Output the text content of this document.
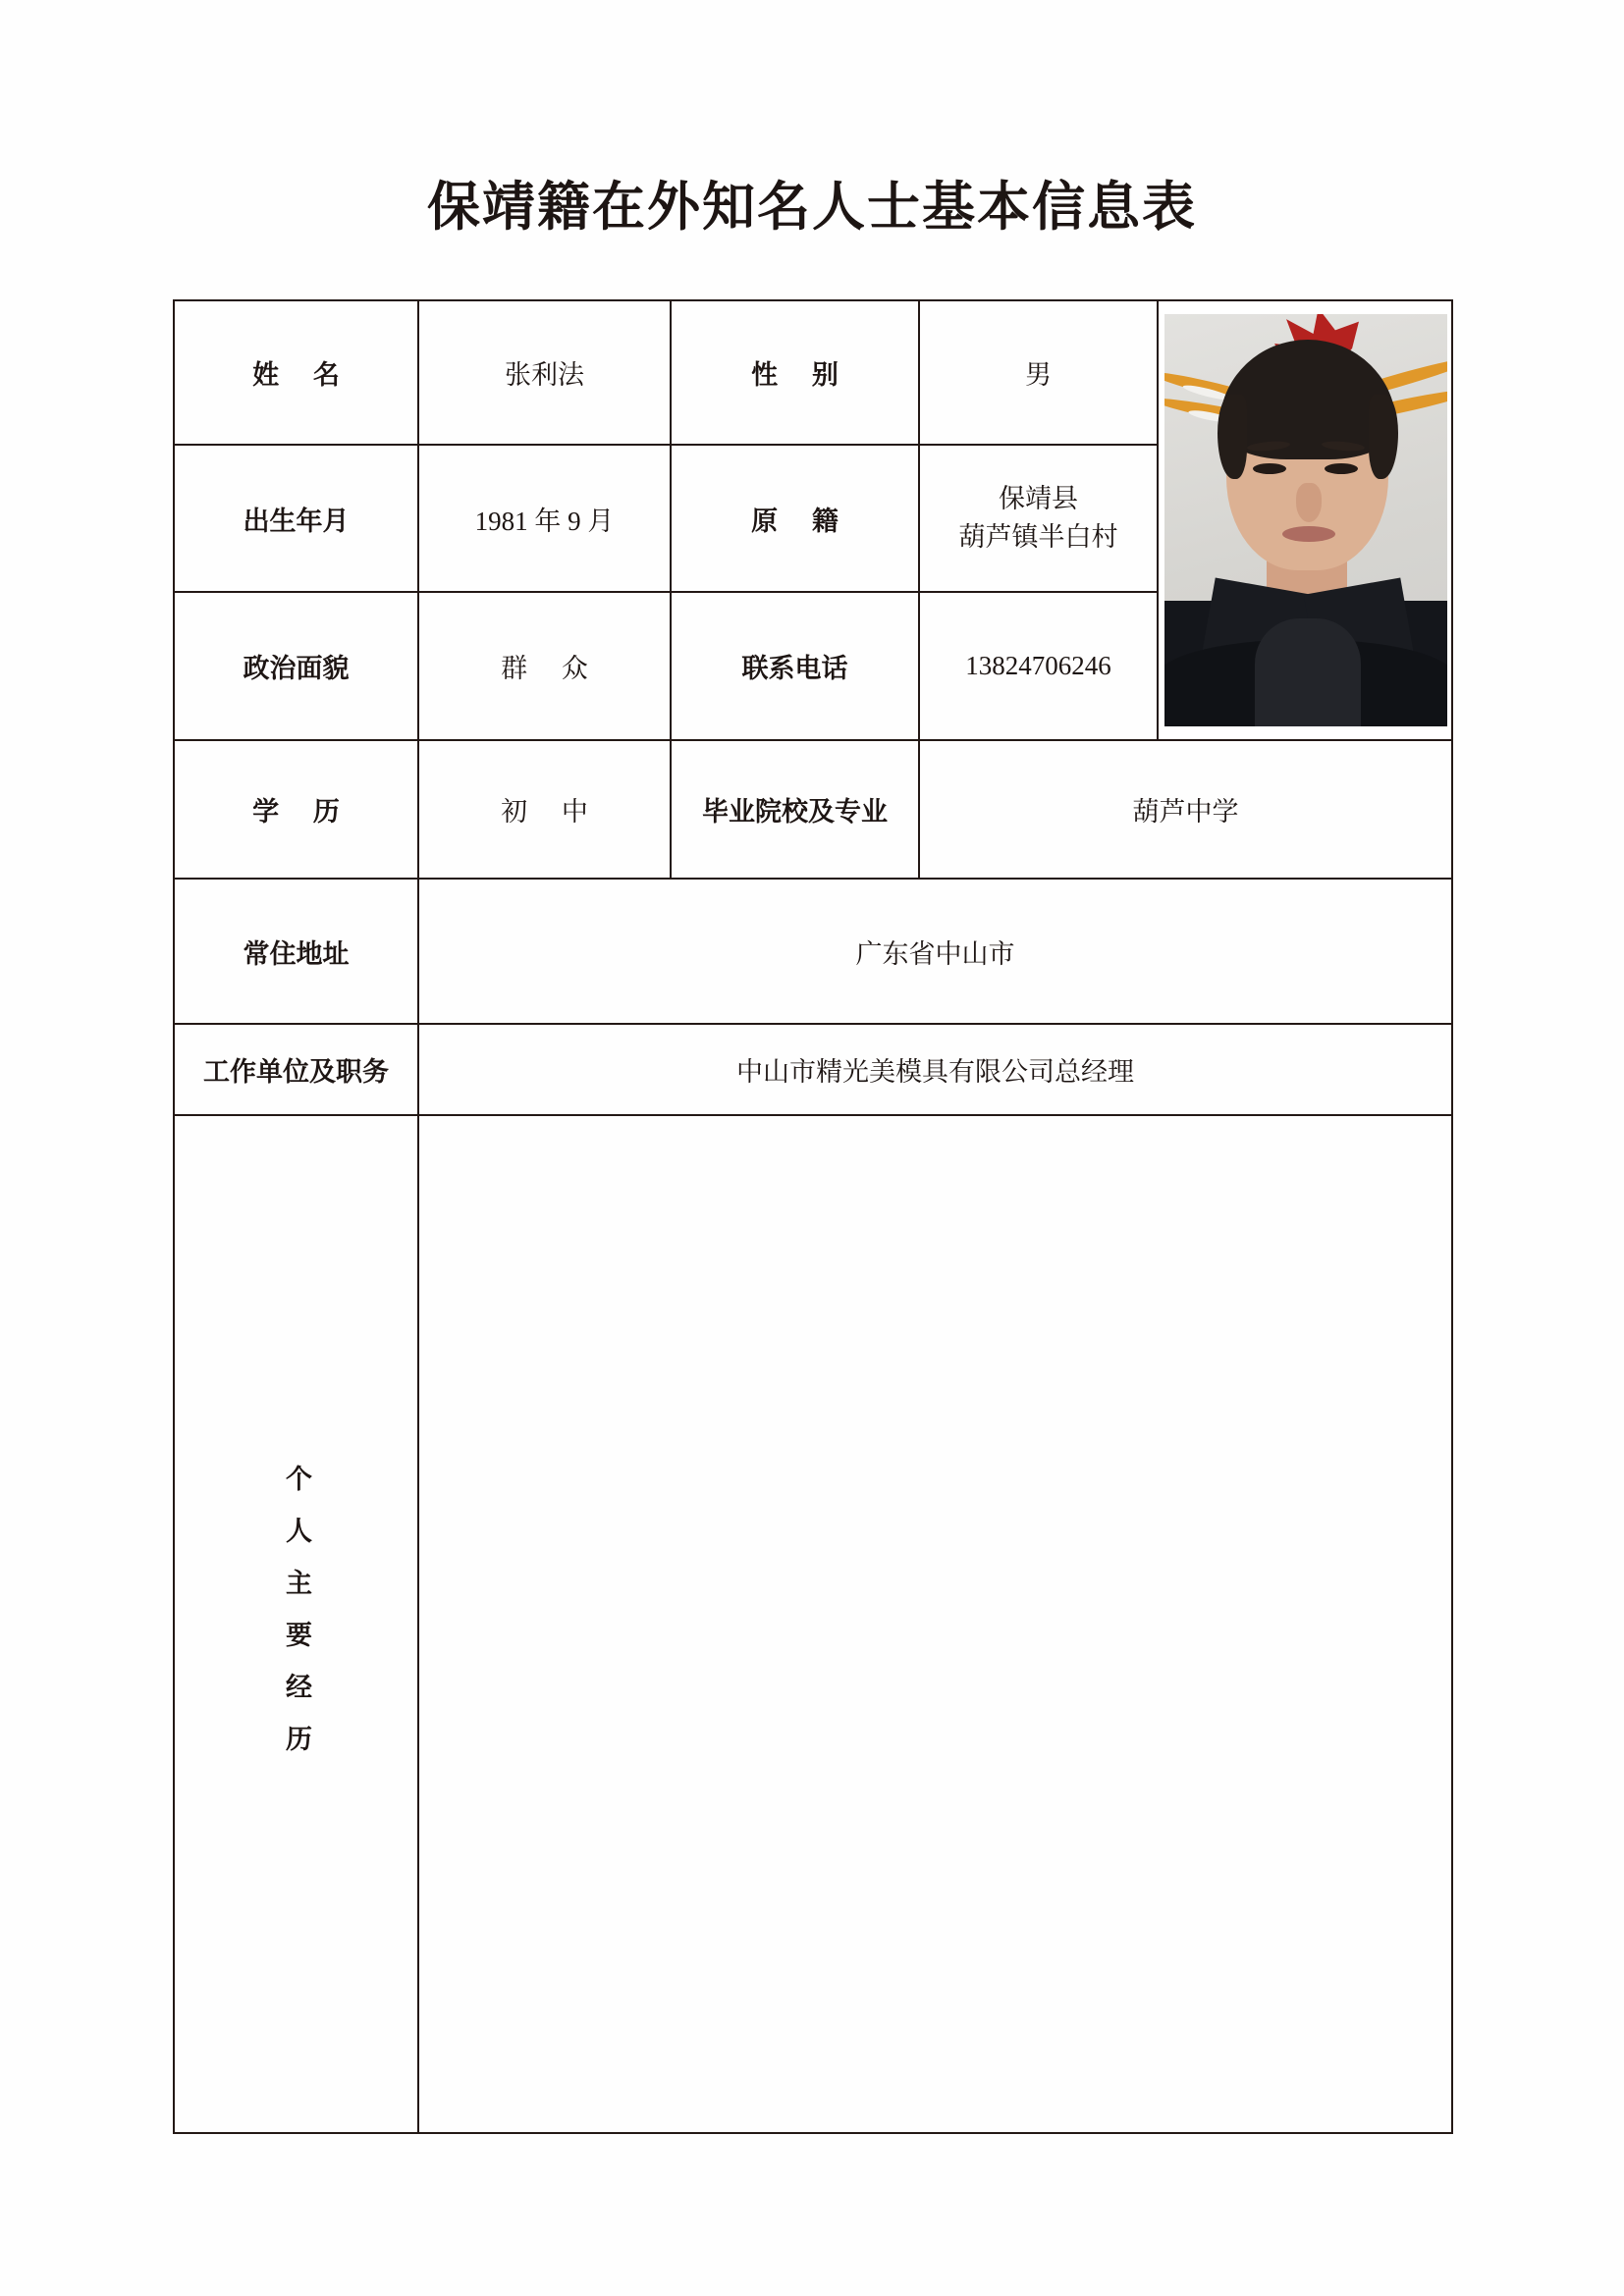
保靖籍在外知名人士基本信息表
姓 名	张利法	性 别	男	

出生年月	1981 年 9 月	原 籍	保靖县
葫芦镇半白村	

政治面貌	群 众	联系电话	13824706246	
学 历	初 中	毕业院校及专业	葫芦中学	
常住地址	广东省中山市			
工作单位及职务	中山市精光美模具有限公司总经理			
个人主要经历				
